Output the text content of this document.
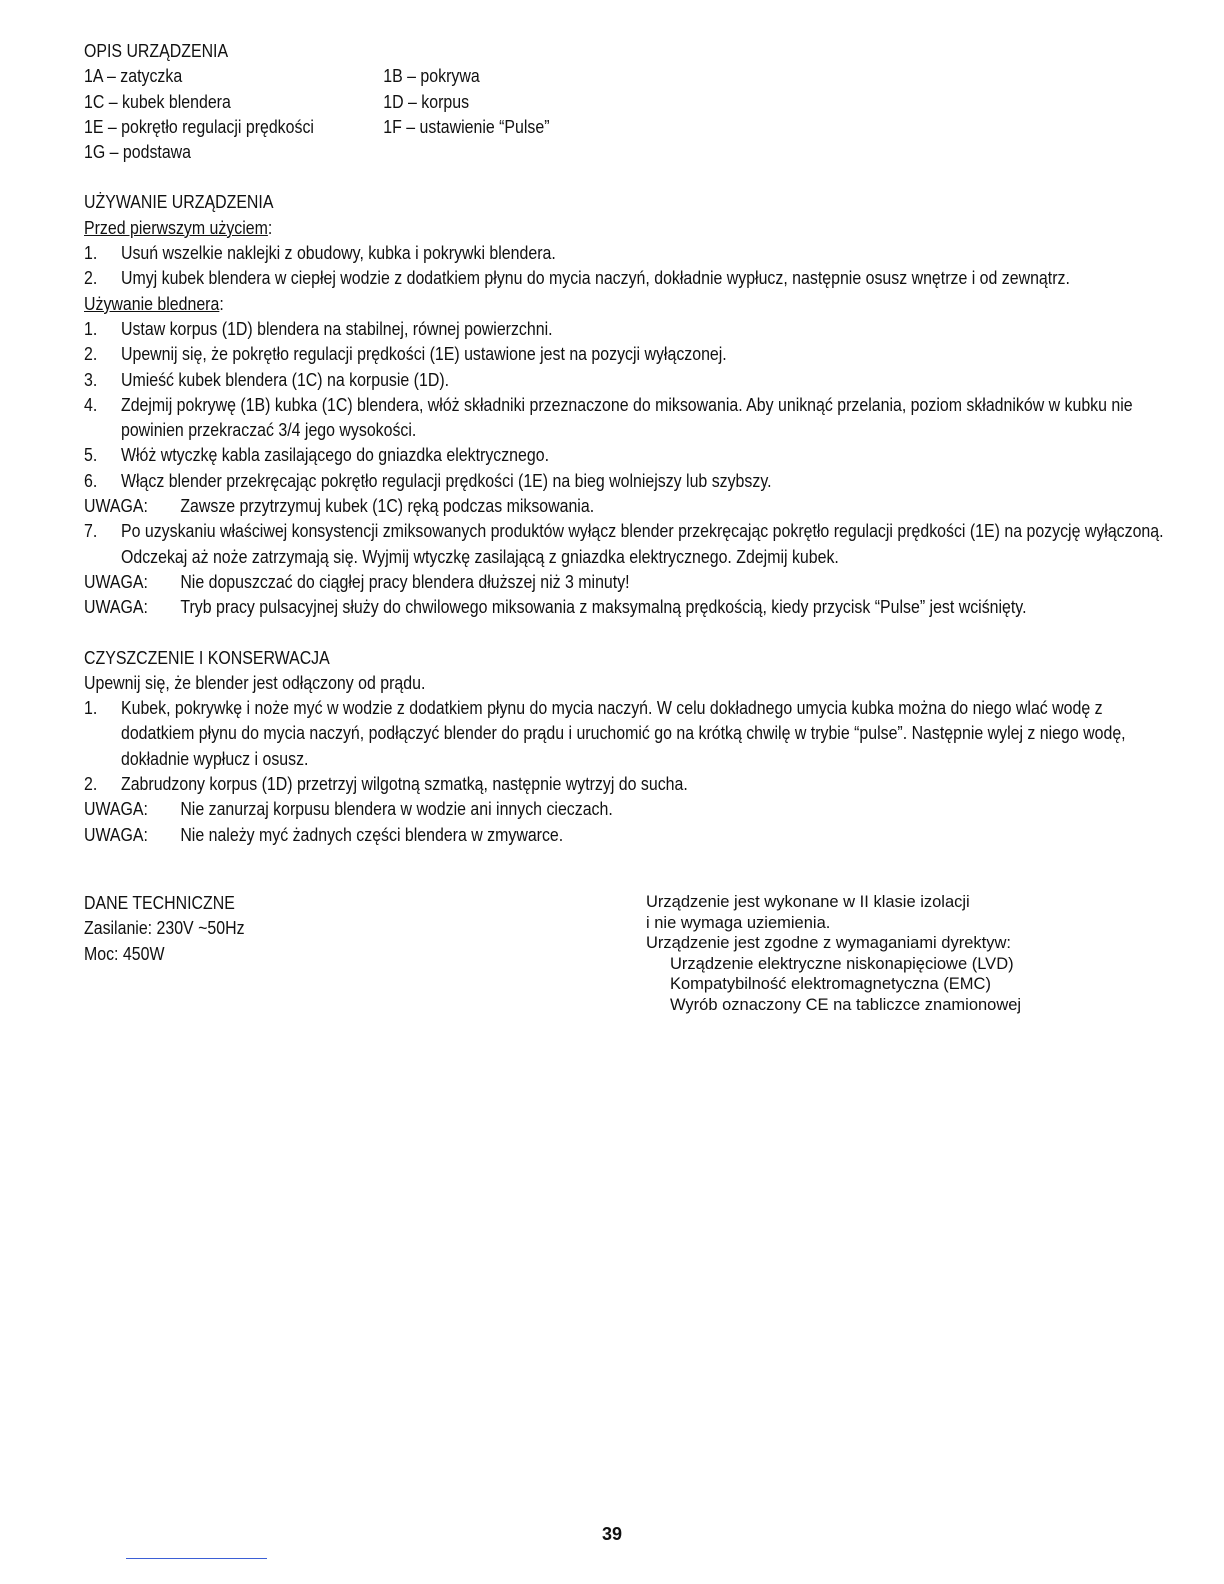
OPIS URZĄDZENIA

1A – zatyczka	1B – pokrywa
1C – kubek blendera	1D – korpus
1E – pokrętło regulacji prędkości	1F – ustawienie “Pulse”
1G – podstawa

UŻYWANIE URZĄDZENIA

Przed pierwszym użyciem:

1.	Usuń wszelkie naklejki z obudowy, kubka i pokrywki blendera.
2.	Umyj kubek blendera w ciepłej wodzie z dodatkiem płynu do mycia naczyń, dokładnie wypłucz, następnie osusz wnętrze i od zewnątrz.

Używanie blednera:

1.	Ustaw korpus (1D) blendera na stabilnej, równej powierzchni.
2.	Upewnij się, że pokrętło regulacji prędkości (1E) ustawione jest na pozycji wyłączonej.
3.	Umieść kubek blendera (1C) na korpusie (1D).
4.	Zdejmij pokrywę (1B) kubka (1C) blendera, włóż składniki przeznaczone do miksowania. Aby uniknąć przelania, poziom składników w kubku nie powinien przekraczać 3/4 jego wysokości.
5.	Włóż wtyczkę kabla zasilającego do gniazdka elektrycznego.
6.	Włącz blender przekręcając pokrętło regulacji prędkości (1E) na bieg wolniejszy lub szybszy.
UWAGA:	Zawsze przytrzymuj kubek (1C) ręką podczas miksowania.
7.	Po uzyskaniu właściwej konsystencji zmiksowanych produktów wyłącz blender przekręcając pokrętło regulacji prędkości (1E) na pozycję wyłączoną. Odczekaj aż noże zatrzymają się. Wyjmij wtyczkę zasilającą z gniazdka elektrycznego. Zdejmij kubek.
UWAGA:	Nie dopuszczać do ciągłej pracy blendera dłuższej niż 3 minuty!
UWAGA:	Tryb pracy pulsacyjnej służy do chwilowego miksowania z maksymalną prędkością, kiedy przycisk “Pulse” jest wciśnięty.

CZYSZCZENIE I KONSERWACJA

Upewnij się, że blender jest odłączony od prądu.

1.	Kubek, pokrywkę i noże myć w wodzie z dodatkiem płynu do mycia naczyń. W celu dokładnego umycia kubka można do niego wlać wodę z dodatkiem płynu do mycia naczyń, podłączyć blender do prądu i uruchomić go na krótką chwilę w trybie “pulse”. Następnie wylej z niego wodę, dokładnie wypłucz i osusz.
2.	Zabrudzony korpus (1D) przetrzyj wilgotną szmatką, następnie wytrzyj do sucha.
UWAGA:	Nie zanurzaj korpusu blendera w wodzie ani innych cieczach.
UWAGA:	Nie należy myć żadnych części blendera w zmywarce.

DANE TECHNICZNE

Zasilanie: 230V ~50Hz

Moc: 450W

Urządzenie jest wykonane w II klasie izolacji

i nie wymaga uziemienia.

Urządzenie jest zgodne z wymaganiami dyrektyw:

Urządzenie elektryczne niskonapięciowe (LVD)

Kompatybilność elektromagnetyczna (EMC)

Wyrób oznaczony CE na tabliczce znamionowej

39
